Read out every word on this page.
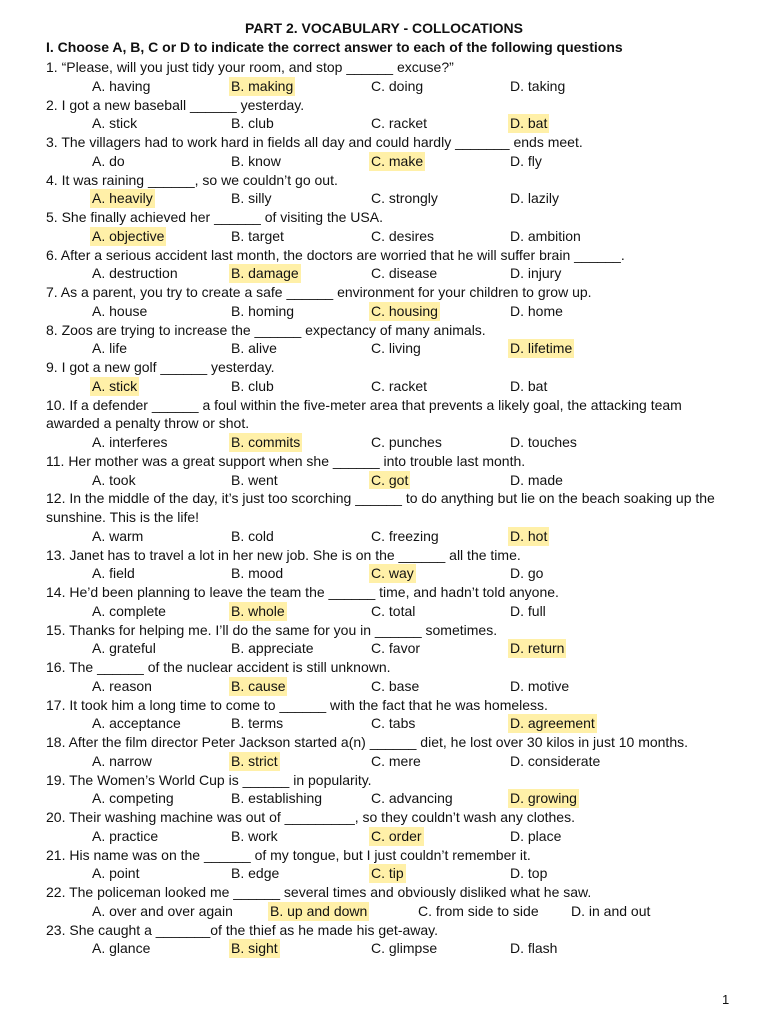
PART 2. VOCABULARY - COLLOCATIONS
I. Choose A, B, C or D to indicate the correct answer to each of the following questions
1. “Please, will you just tidy your room, and stop ______ excuse?”
A. having	B. making	C. doing	D. taking
2. I got a new baseball ______ yesterday.
A. stick	B. club	C. racket	D. bat
3. The villagers had to work hard in fields all day and could hardly _______ ends meet.
A. do	B. know	C. make	D. fly
4. It was raining ______, so we couldn’t go out.
A. heavily	B. silly	C. strongly	D. lazily
5. She finally achieved her ______ of visiting the USA.
A. objective	B. target	C. desires	D. ambition
6. After a serious accident last month, the doctors are worried that he will suffer brain ______.
A. destruction	B. damage	C. disease	D. injury
7. As a parent, you try to create a safe ______ environment for your children to grow up.
A. house	B. homing	C. housing	D. home
8. Zoos are trying to increase the ______ expectancy of many animals.
A. life	B. alive	C. living	D. lifetime
9. I got a new golf ______ yesterday.
A. stick	B. club	C. racket	D. bat
10. If a defender ______ a foul within the five-meter area that prevents a likely goal, the attacking team awarded a penalty throw or shot.
A. interferes	B. commits	C. punches	D. touches
11. Her mother was a great support when she ______ into trouble last month.
A. took	B. went	C. got	D. made
12. In the middle of the day, it’s just too scorching ______ to do anything but lie on the beach soaking up the sunshine. This is the life!
A. warm	B. cold	C. freezing	D. hot
13. Janet has to travel a lot in her new job. She is on the ______ all the time.
A. field	B. mood	C. way	D. go
14. He’d been planning to leave the team the ______ time, and hadn’t told anyone.
A. complete	B. whole	C. total	D. full
15. Thanks for helping me. I’ll do the same for you in ______ sometimes.
A. grateful	B. appreciate	C. favor	D. return
16. The ______ of the nuclear accident is still unknown.
A. reason	B. cause	C. base	D. motive
17. It took him a long time to come to ______ with the fact that he was homeless.
A. acceptance	B. terms	C. tabs	D. agreement
18. After the film director Peter Jackson started a(n) ______ diet, he lost over 30 kilos in just 10 months.
A. narrow	B. strict	C. mere	D. considerate
19. The Women’s World Cup is ______ in popularity.
A. competing	B. establishing	C. advancing	D. growing
20. Their washing machine was out of _________, so they couldn’t wash any clothes.
A. practice	B. work	C. order	D. place
21. His name was on the ______ of my tongue, but I just couldn’t remember it.
A. point	B. edge	C. tip	D. top
22. The policeman looked me ______ several times and obviously disliked what he saw.
A. over and over again	B. up and down	C. from side to side D. in and out
23. She caught a _______of the thief as he made his get-away.
A. glance	B. sight	C. glimpse	D. flash
1
